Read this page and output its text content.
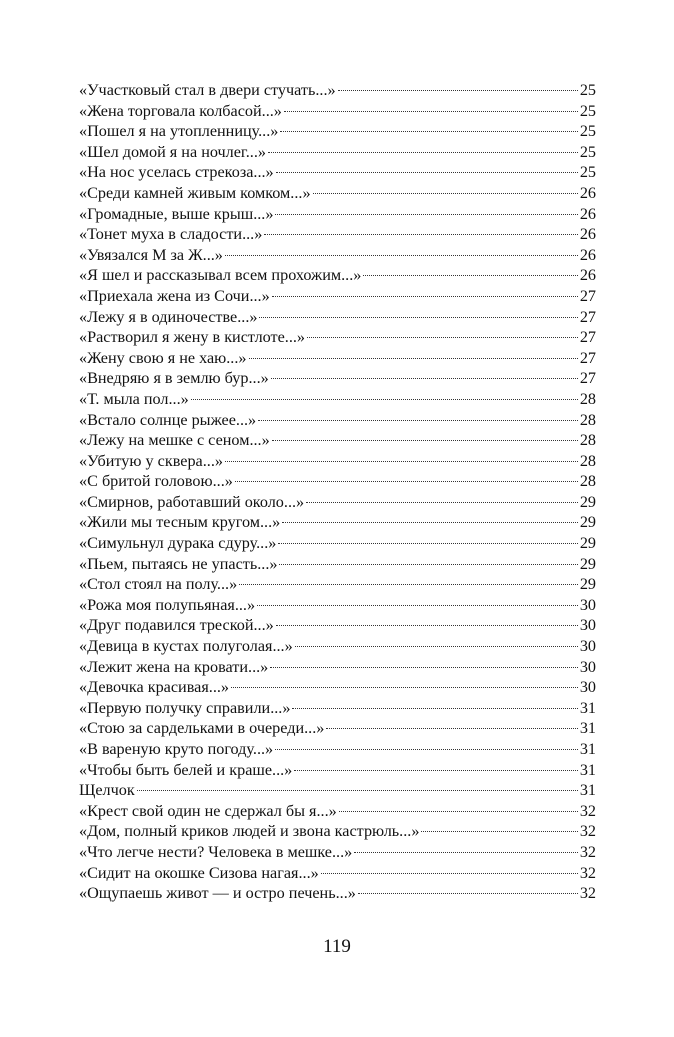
«Участковый стал в двери стучать...»	25
«Жена торговала колбасой...»	25
«Пошел я на утопленницу...»	25
«Шел домой я на ночлег...»	25
«На нос уселась стрекоза...»	25
«Среди камней живым комком...»	26
«Громадные, выше крыш...»	26
«Тонет муха в сладости...»	26
«Увязался М за Ж...»	26
«Я шел и рассказывал всем прохожим...»	26
«Приехала жена из Сочи...»	27
«Лежу я в одиночестве...»	27
«Растворил я жену в кистлоте...»	27
«Жену свою я не хаю...»	27
«Внедряю я в землю бур...»	27
«Т. мыла пол...»	28
«Встало солнце рыжее...»	28
«Лежу на мешке с сеном...»	28
«Убитую у сквера...»	28
«С бритой головою...»	28
«Смирнов, работавший около...»	29
«Жили мы тесным кругом...»	29
«Симульнул дурака сдуру...»	29
«Пьем, пытаясь не упасть...»	29
«Стол стоял на полу...»	29
«Рожа моя полупьяная...»	30
«Друг подавился треской...»	30
«Девица в кустах полуголая...»	30
«Лежит жена на кровати...»	30
«Девочка красивая...»	30
«Первую получку справили...»	31
«Стою за сардельками в очереди...»	31
«В вареную круто погоду...»	31
«Чтобы быть белей и краше...»	31
Щелчок	31
«Крест свой один не сдержал бы я...»	32
«Дом, полный криков людей и звона кастрюль...»	32
«Что легче нести? Человека в мешке...»	32
«Сидит на окошке Сизова нагая...»	32
«Ощупаешь живот — и остро печень...»	32
119
